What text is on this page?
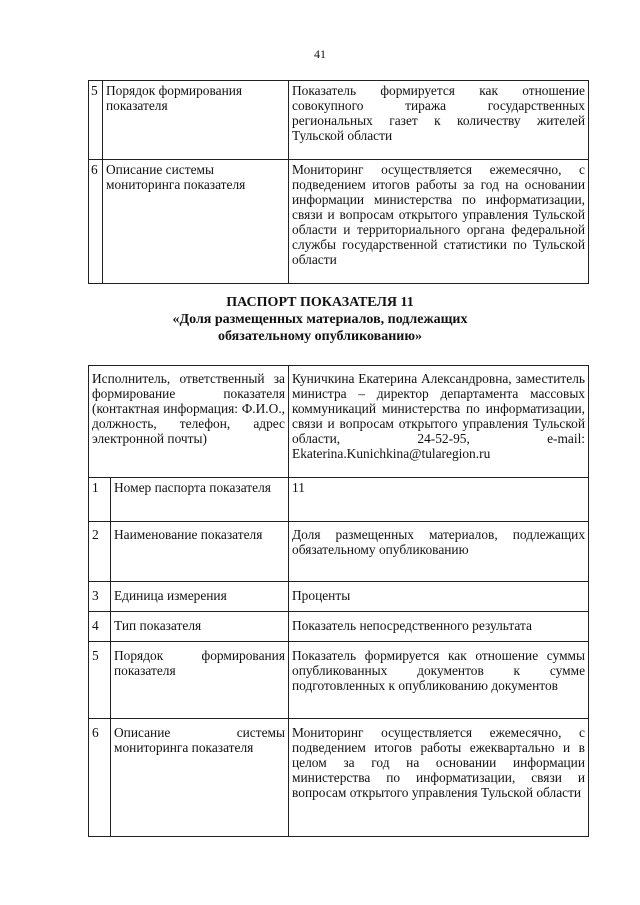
41
5	Порядок формирования показателя	Показатель формируется как отношение совокупного тиража государственных региональных газет к количеству жителей Тульской области
6	Описание системы мониторинга показателя	Мониторинг осуществляется ежемесячно, с подведением итогов работы за год на основании информации министерства по информатизации, связи и вопросам открытого управления Тульской области и территориального органа федеральной службы государственной статистики по Тульской области
ПАСПОРТ ПОКАЗАТЕЛЯ 11
«Доля размещенных материалов, подлежащих
обязательному опубликованию»
Исполнитель, ответственный за формирование показателя (контактная информация: Ф.И.О., должность, телефон, адрес электронной почты)		Куничкина Екатерина Александровна, заместитель министра – директор департамента массовых коммуникаций министерства по информатизации, связи и вопросам открытого управления Тульской области, 24-52-95, e-mail: Ekaterina.Kunichkina@tularegion.ru
1	Номер паспорта показателя	11
2	Наименование показателя	Доля размещенных материалов, подлежащих обязательному опубликованию
3	Единица измерения	Проценты
4	Тип показателя	Показатель непосредственного результата
5	Порядок формирования показателя	Показатель формируется как отношение суммы опубликованных документов к сумме подготовленных к опубликованию документов
6	Описание системы мониторинга показателя	Мониторинг осуществляется ежемесячно, с подведением итогов работы ежеквартально и в целом за год на основании информации министерства по информатизации, связи и вопросам открытого управления Тульской области
